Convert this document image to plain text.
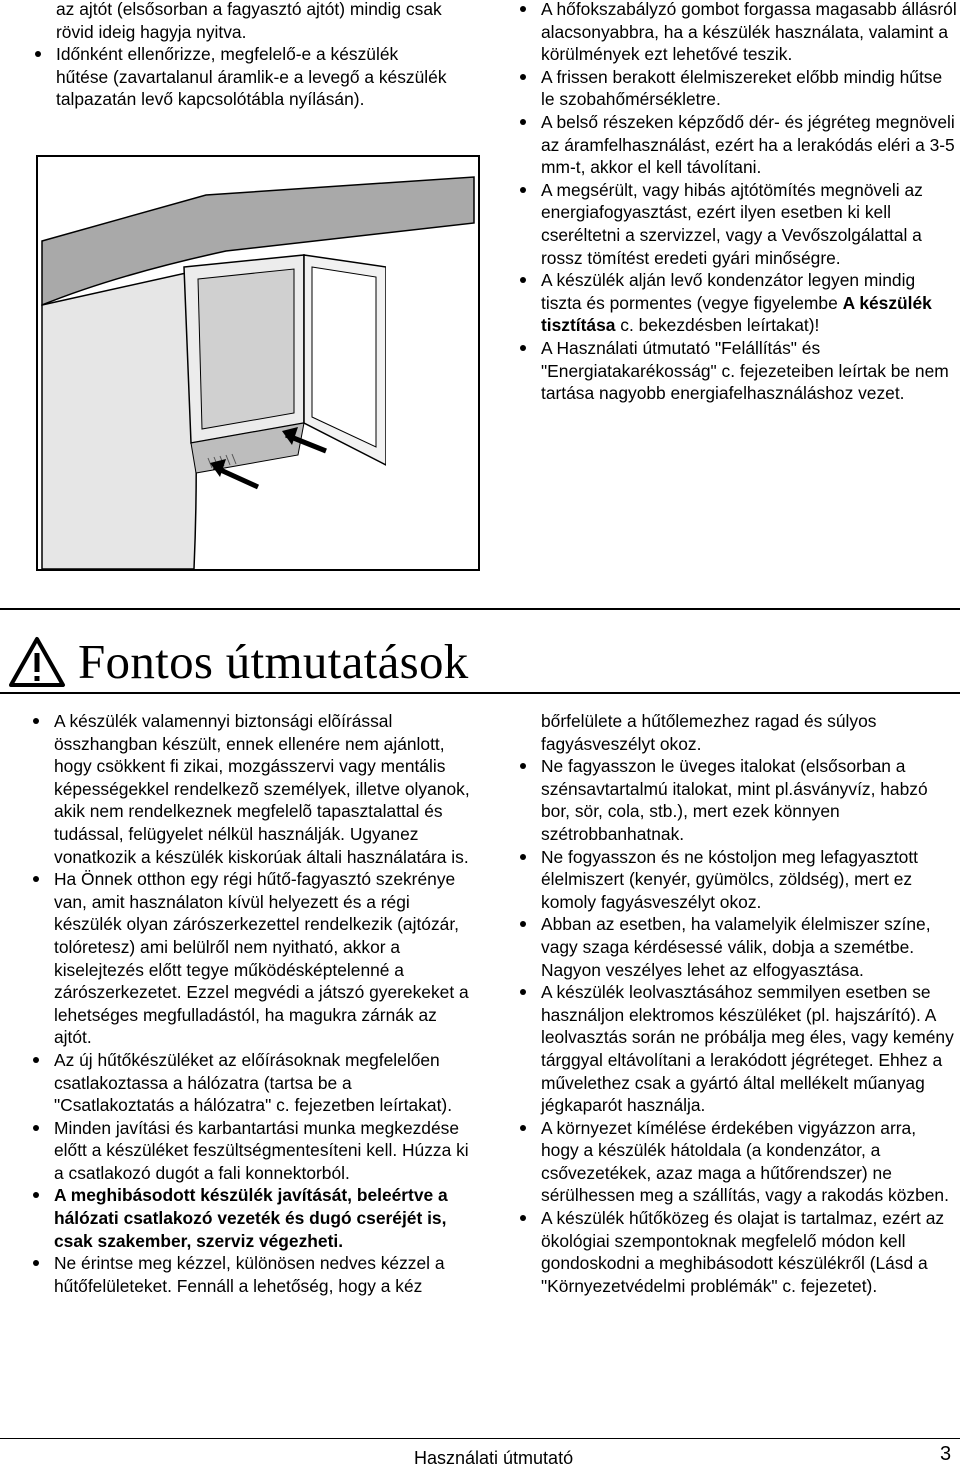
az ajtót (elsősorban a fagyasztó ajtót) mindig csak rövid ideig hagyja nyitva.

Időnként ellenőrizze, megfelelő-e a készülék hűtése (zavartalanul áramlik-e a levegő a készülék talpazatán levő kapcsolótábla nyílásán).
A hőfokszabályzó gombot forgassa magasabb állásról alacsonyabbra, ha a készülék használata, valamint a körülmények ezt lehetővé teszik.
A frissen berakott élelmiszereket előbb mindig hűtse le szobahőmérsékletre.
A belső részeken képződő dér- és jégréteg megnöveli az áramfelhasználást, ezért ha a lerakódás eléri a 3-5 mm-t, akkor el kell távolítani.
A megsérült, vagy hibás ajtótömítés megnöveli az energiafogyasztást, ezért ilyen esetben ki kell cseréltetni a szervizzel, vagy a Vevőszolgálattal a rossz tömítést eredeti gyári minőségre.
A készülék alján levő kondenzátor legyen mindig tiszta és pormentes (vegye figyelembe A készülék tisztítása c. bekezdésben leírtakat)!
A Használati útmutató "Felállítás" és "Energiatakarékosság" c. fejezeteiben leírtak be nem tartása nagyobb energiafelhasználáshoz vezet.
Fontos útmutatások
A készülék valamennyi biztonsági elõírással összhangban készült, ennek ellenére nem ajánlott, hogy csökkent fi zikai, mozgásszervi vagy mentális képességekkel rendelkezõ személyek, illetve olyanok, akik nem rendelkeznek megfelelõ tapasztalattal és tudással, felügyelet nélkül használják. Ugyanez vonatkozik a készülék kiskorúak általi használatára is.
Ha Önnek otthon egy régi hűtő-fagyasztó szekrénye van, amit használaton kívül helyezett és a régi készülék olyan zárószerkezettel rendelkezik (ajtózár, tolóretesz) ami belülről nem nyitható, akkor a kiselejtezés előtt tegye működésképtelenné a zárószerkezetet. Ezzel megvédi a játszó gyerekeket a lehetséges megfulladástól, ha magukra zárnák az ajtót.
Az új hűtőkészüléket az előírásoknak megfelelően csatlakoztassa a hálózatra (tartsa be a "Csatlakoztatás a hálózatra" c. fejezetben leírtakat).
Minden javítási és karbantartási munka megkezdése előtt a készüléket feszültségmentesíteni kell. Húzza ki a csatlakozó dugót a fali konnektorból.
A meghibásodott készülék javítását, beleértve a hálózati csatlakozó vezeték és dugó cseréjét is, csak szakember, szerviz végezheti.
Ne érintse meg kézzel, különösen nedves kézzel a hűtőfelületeket. Fennáll a lehetőség, hogy a kéz

bőrfelülete a hűtőlemezhez ragad és súlyos fagyásveszélyt okoz.

Ne fagyasszon le üveges italokat (elsősorban a szénsavtartalmú italokat, mint pl.ásványvíz, habzó bor, sör, cola, stb.), mert ezek könnyen szétrobbanhatnak.
Ne fogyasszon és ne kóstoljon meg lefagyasztott élelmiszert (kenyér, gyümölcs, zöldség), mert ez komoly fagyásveszélyt okoz.
Abban az esetben, ha valamelyik élelmiszer színe, vagy szaga kérdésessé válik, dobja a szemétbe. Nagyon veszélyes lehet az elfogyasztása.
A készülék leolvasztásához semmilyen esetben se használjon elektromos készüléket (pl. hajszárító). A leolvasztás során ne próbálja meg éles, vagy kemény tárggyal eltávolítani a lerakódott jégréteget. Ehhez a művelethez csak a gyártó által mellékelt műanyag jégkaparót használja.
A környezet kímélése érdekében vigyázzon arra, hogy a készülék hátoldala (a kondenzátor, a csővezetékek, azaz maga a hűtőrendszer) ne sérülhessen meg a szállítás, vagy a rakodás közben.
A készülék hűtőközeg és olajat is tartalmaz, ezért az ökológiai szempontoknak megfelelő módon kell gondoskodni a meghibásodott készülékről (Lásd a "Környezetvédelmi problémák" c. fejezetet).
Használati útmutató	3
